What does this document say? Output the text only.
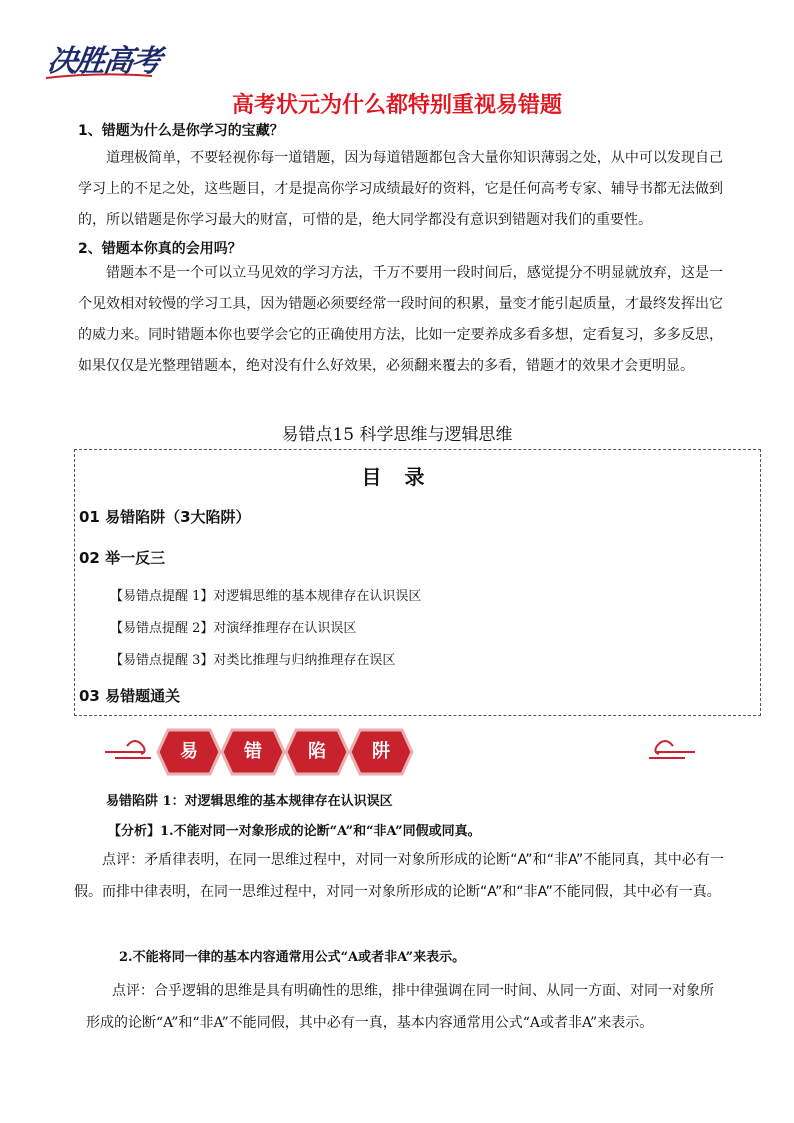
决胜高考
高考状元为什么都特别重视易错题
1、错题为什么是你学习的宝藏？
道理极简单，不要轻视你每一道错题，因为每道错题都包含大量你知识薄弱之处，从中可以发现自己学习上的不足之处，这些题目，才是提高你学习成绩最好的资料，它是任何高考专家、辅导书都无法做到的，所以错题是你学习最大的财富，可惜的是，绝大同学都没有意识到错题对我们的重要性。
2、错题本你真的会用吗？
错题本不是一个可以立马见效的学习方法，千万不要用一段时间后，感觉提分不明显就放弃，这是一个见效相对较慢的学习工具，因为错题必须要经常一段时间的积累，量变才能引起质量，才最终发挥出它的威力来。同时错题本你也要学会它的正确使用方法，比如一定要养成多看多想，定看复习，多多反思，如果仅仅是光整理错题本，绝对没有什么好效果，必须翻来覆去的多看，错题才的效果才会更明显。
易错点15 科学思维与逻辑思维
目 录
01 易错陷阱（3大陷阱）
02 举一反三
【易错点提醒 1】对逻辑思维的基本规律存在认识误区
【易错点提醒 2】对演绎推理存在认识误区
【易错点提醒 3】对类比推理与归纳推理存在误区
03 易错题通关
易	错	陷	阱
易错陷阱 1：对逻辑思维的基本规律存在认识误区
【分析】1.不能对同一对象形成的论断“A”和“非A”同假或同真。
点评：矛盾律表明，在同一思维过程中，对同一对象所形成的论断“A”和“非A”不能同真，其中必有一假。而排中律表明，在同一思维过程中，对同一对象所形成的论断“A”和“非A”不能同假，其中必有一真。
2.不能将同一律的基本内容通常用公式“A或者非A”来表示。
点评：合乎逻辑的思维是具有明确性的思维，排中律强调在同一时间、从同一方面、对同一对象所
形成的论断“A”和“非A”不能同假，其中必有一真，基本内容通常用公式“A或者非A”来表示。
